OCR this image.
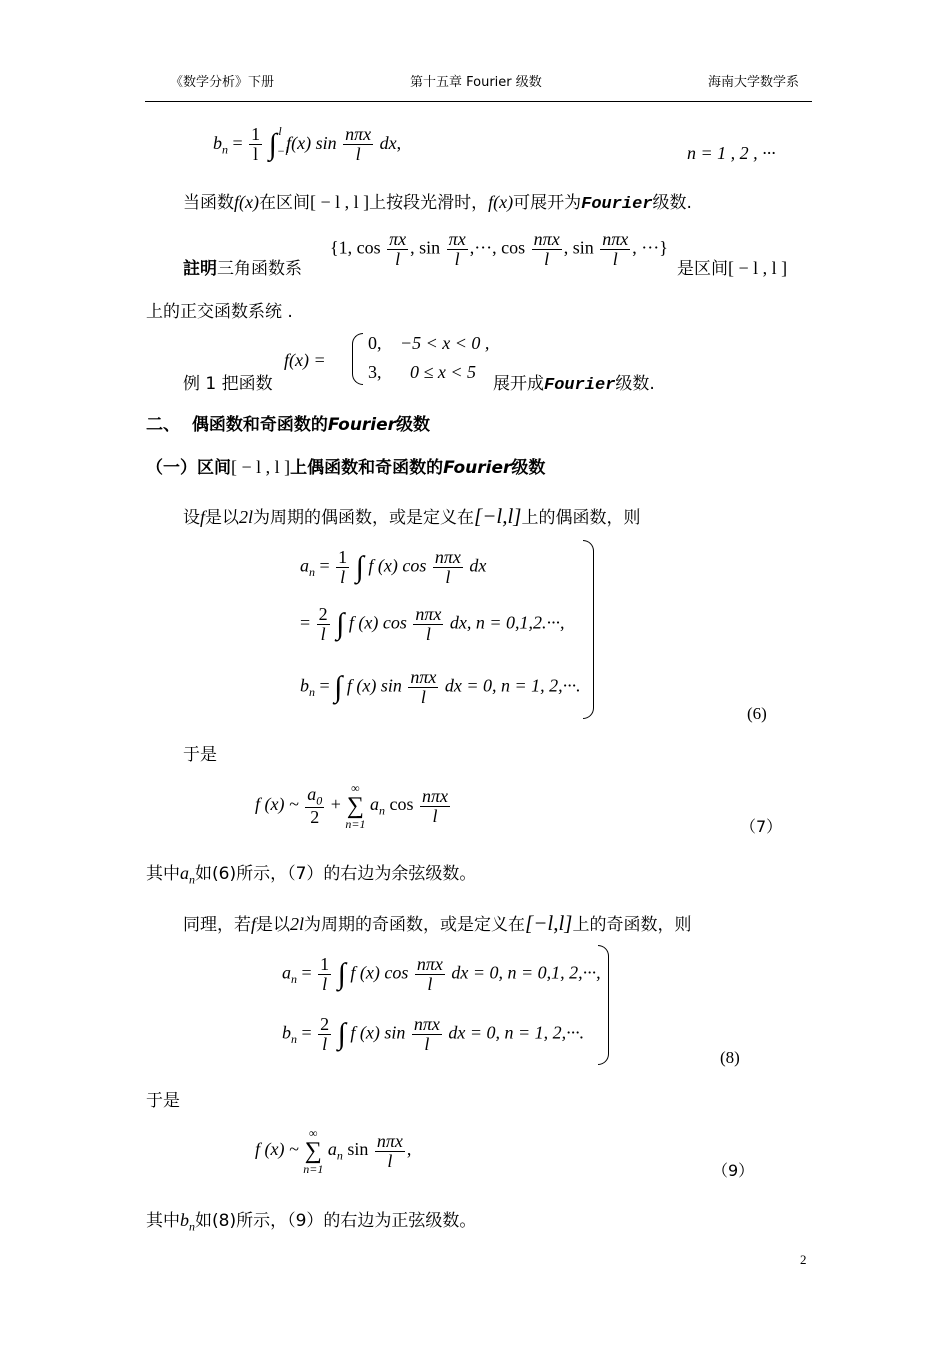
《数学分析》下册	第十五章 Fourier 级数	海南大学数学系
$b_n = \frac{1}{l} \int_{-l}^l$ f(x) $\sin \frac{\text{nπx}}{l}$ dx,	n = 1 , 2 , ···
当函数f(x)在区间[ − l , l ]上按段光滑时，f(x)可展开为Fourier级数.
註明三角函数系
{1, $\cos \frac{\pi x}{l}$ , $\sin \frac{\pi x}{l}$ ,···, $\cos \frac{\text{nπx}}{l}$ , $\sin \frac{\text{nπx}}{l}$ , ···}
是区间[ − l , l ]
上的正交函数系统 .
例 1 把函数
f(x) =
0, −5 < x < 0 ,
3, 0 ≤ x < 5
展开成Fourier级数.
二、 偶函数和奇函数的Fourier级数
（一）区间[ − l , l ]上偶函数和奇函数的Fourier级数
设f是以2l为周期的偶函数，或是定义在[−l,l]上的偶函数，则
$a_n = \frac{1}{l}$ ∫ f (x) $\cos \frac{\text{nπx}}{l}$ dx
= $\frac{2}{l}$ ∫ f (x) $\cos \frac{\text{nπx}}{l}$ dx, n = 0,1,2.···,
$b_n$ = ∫ f (x) $\sin \frac{\text{nπx}}{l}$ dx = 0, n = 1, 2,···.
(6)
于是
f (x) ~ $\frac{a_0}{2}$ +
∞
∑
n=1
$a_n$ $\cos \frac{\text{nπx}}{l}$
（7）
其中$a_n$如(6)所示，（7）的右边为余弦级数。
同理，若f是以2l为周期的奇函数，或是定义在[−l,l]上的奇函数，则
$a_n = \frac{1}{l}$ ∫ f (x) $\cos \frac{\text{nπx}}{l}$ dx = 0, n = 0,1, 2,···,
$b_n = \frac{2}{l}$ ∫ f (x) $\sin \frac{\text{nπx}}{l}$ dx = 0, n = 1, 2,···.
(8)
于是
f (x) ~
∞
∑
n=1
$a_n$ $\sin \frac{\text{nπx}}{l}$ ,
（9）
其中$b_n$如(8)所示，（9）的右边为正弦级数。
2
